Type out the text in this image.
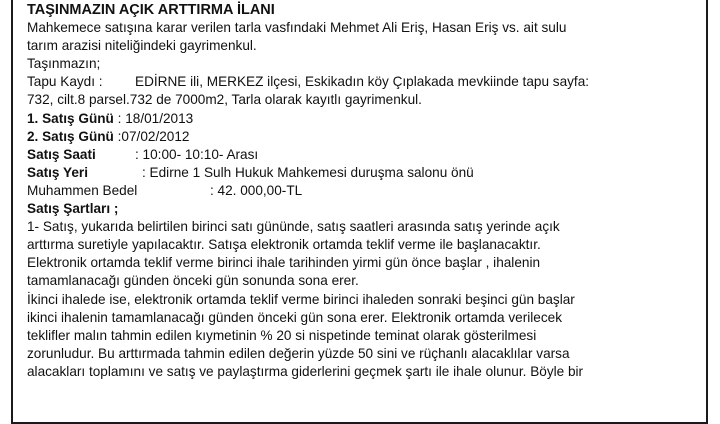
TAŞINMAZIN AÇIK ARTTIRMA İLANI
Mahkemece satışına karar verilen tarla vasfındaki Mehmet Ali Eriş, Hasan Eriş vs. ait sulu
tarım arazisi niteliğindeki gayrimenkul.
Taşınmazın;
Tapu Kaydı : EDİRNE ili, MERKEZ ilçesi, Eskikadın köy Çıplakada mevkiinde tapu sayfa:
732, cilt.8 parsel.732 de 7000m2, Tarla olarak kayıtlı gayrimenkul.
1. Satış Günü : 18/01/2013
2. Satış Günü :07/02/2012
Satış Saati	: 10:00- 10:10- Arası
Satış Yeri	: Edirne 1 Sulh Hukuk Mahkemesi duruşma salonu önü
Muhammen Bedel	: 42. 000,00-TL
Satış Şartları ;
1- Satış, yukarıda belirtilen birinci satı gününde, satış saatleri arasında satış yerinde açık
arttırma suretiyle yapılacaktır. Satışa elektronik ortamda teklif verme ile başlanacaktır.
Elektronik ortamda teklif verme birinci ihale tarihinden yirmi gün önce başlar , ihalenin
tamamlanacağı günden önceki gün sonunda sona erer.
İkinci ihalede ise, elektronik ortamda teklif verme birinci ihaleden sonraki beşinci gün başlar
ikinci ihalenin tamamlanacağı günden önceki gün sona erer. Elektronik ortamda verilecek
teklifler malın tahmin edilen kıymetinin % 20 si nispetinde teminat olarak gösterilmesi
zorunludur. Bu arttırmada tahmin edilen değerin yüzde 50 sini ve rüçhanlı alacaklılar varsa
alacakları toplamını ve satış ve paylaştırma giderlerini geçmek şartı ile ihale olunur. Böyle bir
